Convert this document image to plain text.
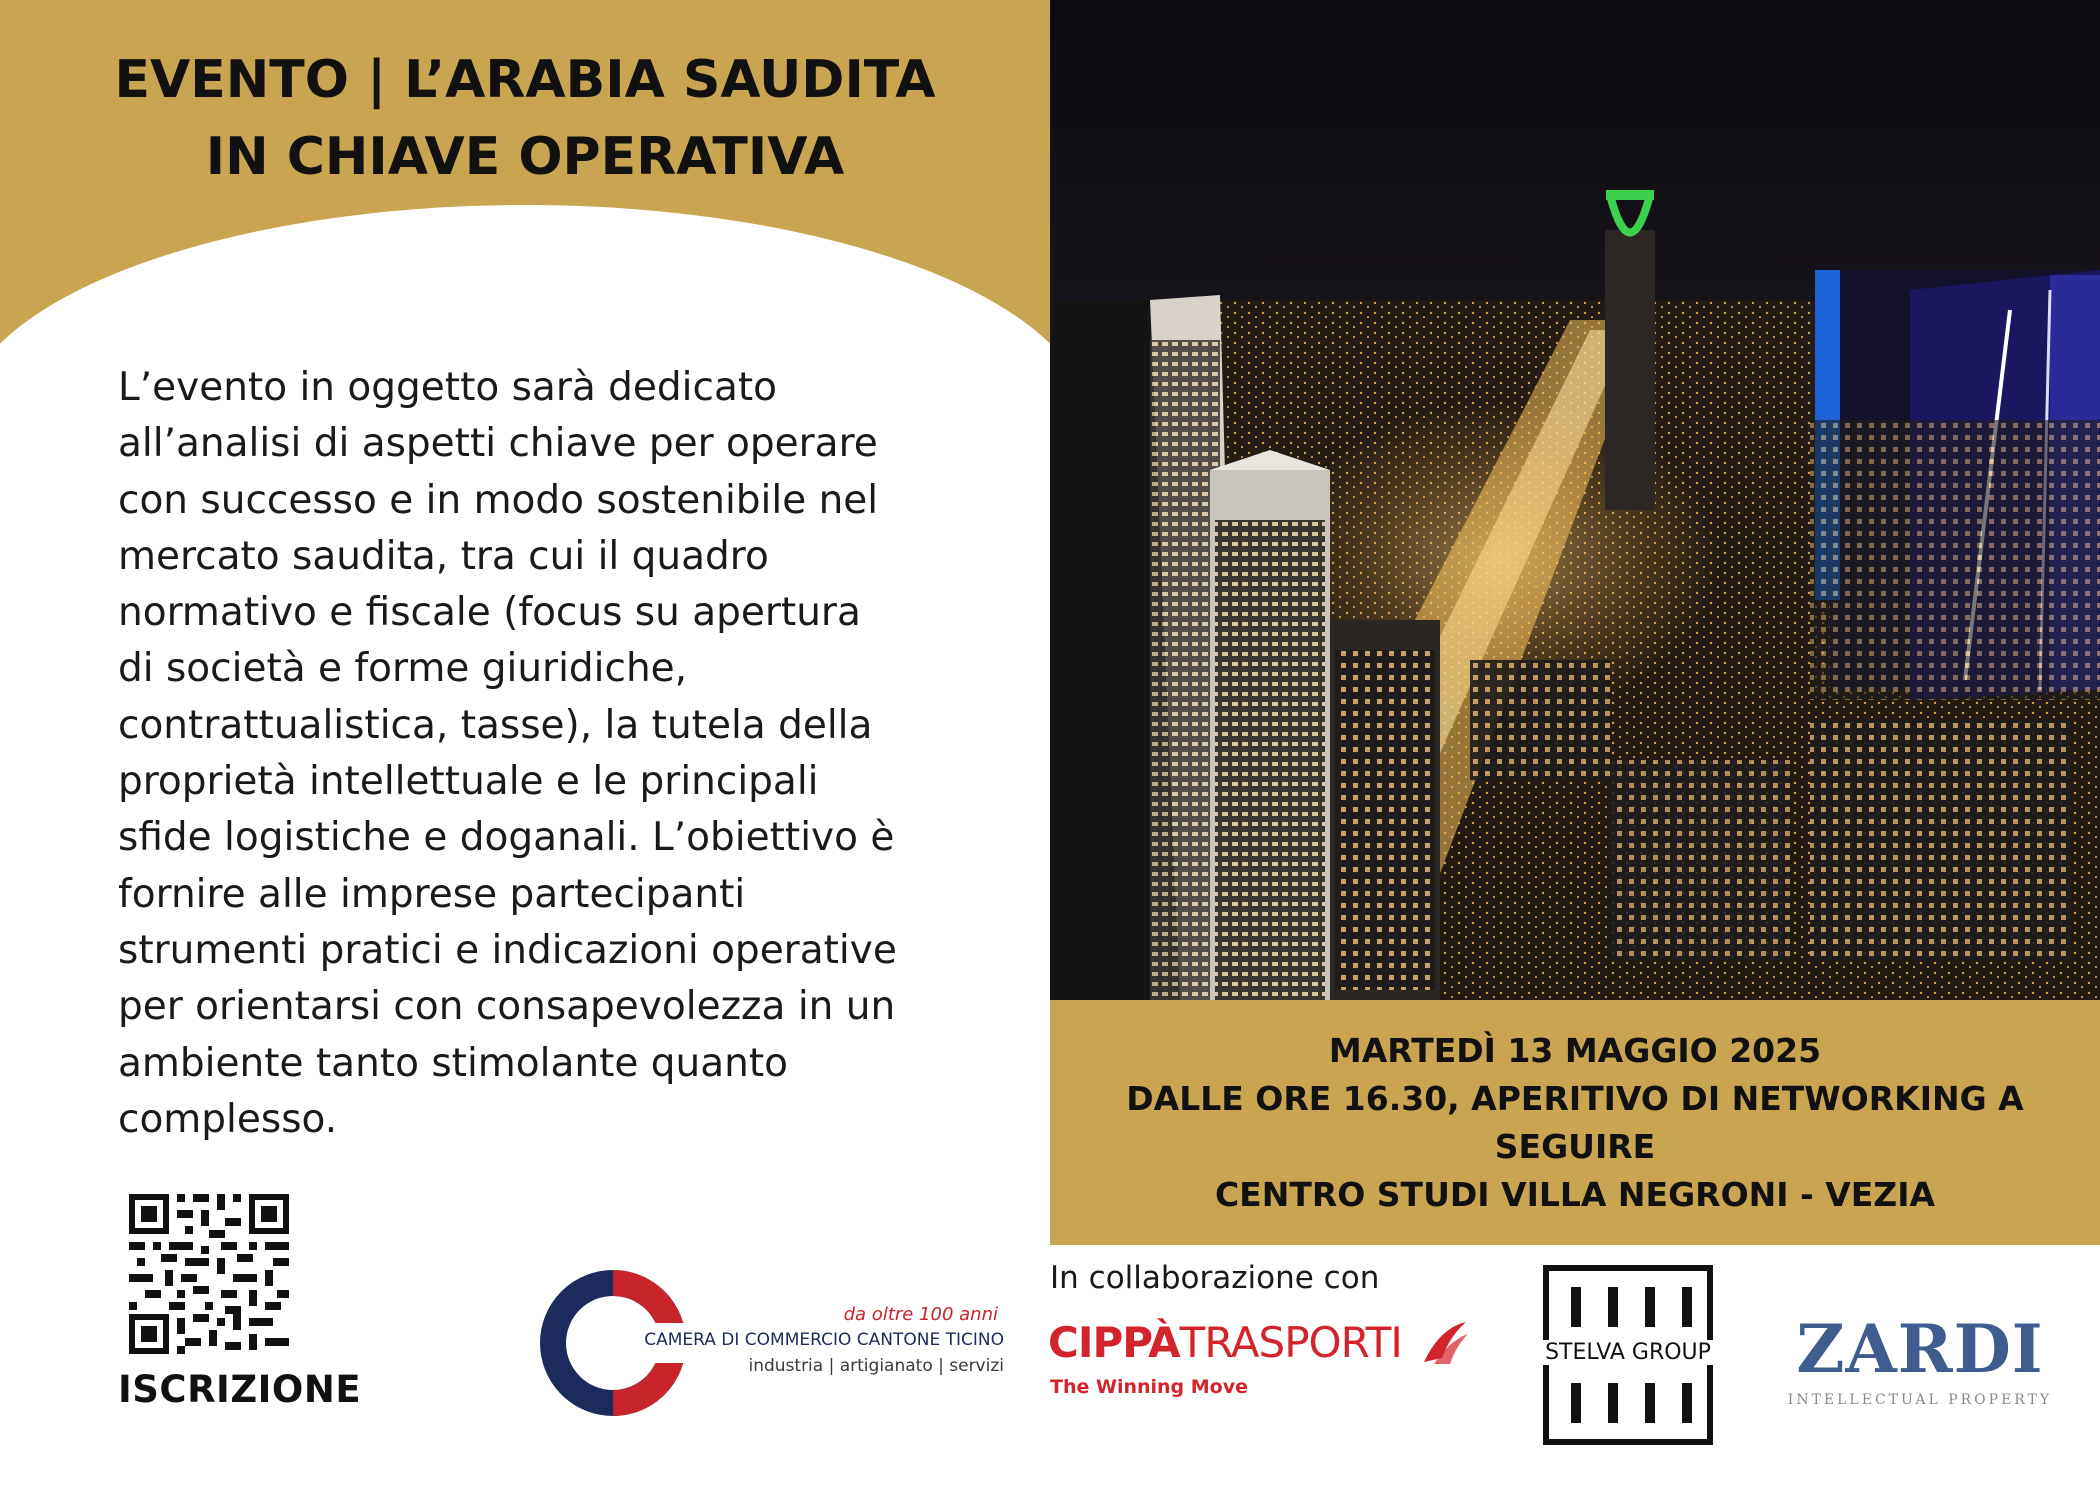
EVENTO | L’ARABIA SAUDITA
IN CHIAVE OPERATIVA
L’evento in oggetto sarà dedicato
all’analisi di aspetti chiave per operare
con successo e in modo sostenibile nel
mercato saudita, tra cui il quadro
normativo e fiscale (focus su apertura
di società e forme giuridiche,
contrattualistica, tasse), la tutela della
proprietà intellettuale e le principali
sfide logistiche e doganali. L’obiettivo è
fornire alle imprese partecipanti
strumenti pratici e indicazioni operative
per orientarsi con consapevolezza in un
ambiente tanto stimolante quanto
complesso.
ISCRIZIONE
da oltre 100 anni
CAMERA DI COMMERCIO CANTONE TICINO
industria | artigianato | servizi
MARTEDÌ 13 MAGGIO 2025
DALLE ORE 16.30, APERITIVO DI NETWORKING A
SEGUIRE
CENTRO STUDI VILLA NEGRONI - VEZIA
In collaborazione con
CIPPÀTRASPORTI
The Winning Move
STELVA GROUP ZARDI
INTELLECTUAL PROPERTY
